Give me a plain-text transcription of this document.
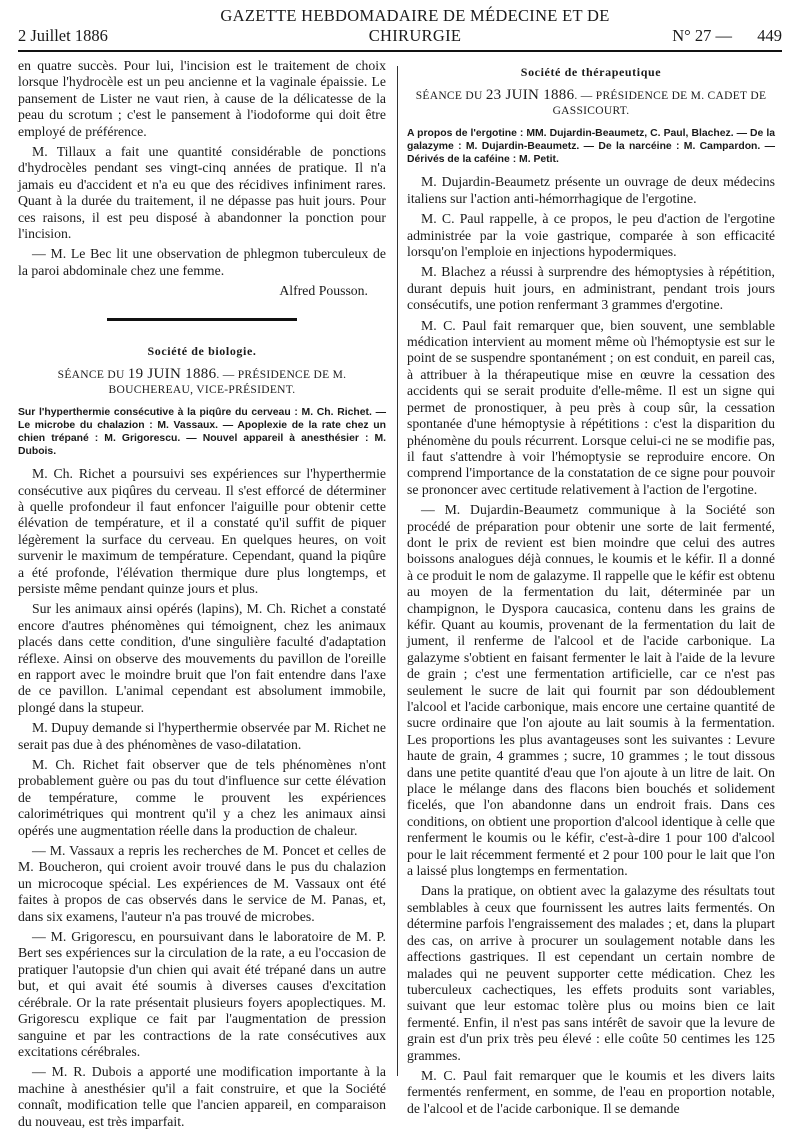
2 Juillet 1886
GAZETTE HEBDOMADAIRE DE MÉDECINE ET DE CHIRURGIE	N° 27 —	449

en quatre succès. Pour lui, l'incision est le traitement de choix lorsque l'hydrocèle est un peu ancienne et la vaginale épaissie. Le pansement de Lister ne vaut rien, à cause de la délicatesse de la peau du scrotum ; c'est le pansement à l'iodoforme qui doit être employé de préférence.

M. Tillaux a fait une quantité considérable de ponctions d'hydrocèles pendant ses vingt-cinq années de pratique. Il n'a jamais eu d'accident et n'a eu que des récidives infiniment rares. Quant à la durée du traitement, il ne dépasse pas huit jours. Pour ces raisons, il est peu disposé à abandonner la ponction pour l'incision.

— M. Le Bec lit une observation de phlegmon tuberculeux de la paroi abdominale chez une femme.

Alfred Pousson.

Société de biologie.
SÉANCE DU 19 JUIN 1886. — PRÉSIDENCE DE M. BOUCHEREAU, VICE-PRÉSIDENT.
Sur l'hyperthermie consécutive à la piqûre du cerveau : M. Ch. Richet. — Le microbe du chalazion : M. Vassaux. — Apoplexie de la rate chez un chien trépané : M. Grigorescu. — Nouvel appareil à anesthésier : M. Dubois.

M. Ch. Richet a poursuivi ses expériences sur l'hyperthermie consécutive aux piqûres du cerveau. Il s'est efforcé de déterminer à quelle profondeur il faut enfoncer l'aiguille pour obtenir cette élévation de température, et il a constaté qu'il suffit de piquer légèrement la surface du cerveau. En quelques heures, on voit survenir le maximum de température. Cependant, quand la piqûre a été profonde, l'élévation thermique dure plus longtemps, et persiste même pendant quinze jours et plus.

Sur les animaux ainsi opérés (lapins), M. Ch. Richet a constaté encore d'autres phénomènes qui témoignent, chez les animaux placés dans cette condition, d'une singulière faculté d'adaptation réflexe. Ainsi on observe des mouvements du pavillon de l'oreille en rapport avec le moindre bruit que l'on fait entendre dans l'axe de ce pavillon. L'animal cependant est absolument immobile, plongé dans la stupeur.

M. Dupuy demande si l'hyperthermie observée par M. Richet ne serait pas due à des phénomènes de vaso-dilatation.

M. Ch. Richet fait observer que de tels phénomènes n'ont probablement guère ou pas du tout d'influence sur cette élévation de température, comme le prouvent les expériences calorimétriques qui montrent qu'il y a chez les animaux ainsi opérés une augmentation réelle dans la production de chaleur.

— M. Vassaux a repris les recherches de M. Poncet et celles de M. Boucheron, qui croient avoir trouvé dans le pus du chalazion un microcoque spécial. Les expériences de M. Vassaux ont été faites à propos de cas observés dans le service de M. Panas, et, dans six examens, l'auteur n'a pas trouvé de microbes.

— M. Grigorescu, en poursuivant dans le laboratoire de M. P. Bert ses expériences sur la circulation de la rate, a eu l'occasion de pratiquer l'autopsie d'un chien qui avait été trépané dans un autre but, et qui avait été soumis à diverses causes d'excitation cérébrale. Or la rate présentait plusieurs foyers apoplectiques. M. Grigorescu explique ce fait par l'augmentation de pression sanguine et par les contractions de la rate consécutives aux excitations cérébrales.

— M. R. Dubois a apporté une modification importante à la machine à anesthésier qu'il a fait construire, et que la Société connaît, modification telle que l'ancien appareil, en comparaison du nouveau, est très imparfait.

Société de thérapeutique
SÉANCE DU 23 JUIN 1886. — PRÉSIDENCE DE M. CADET DE GASSICOURT.
A propos de l'ergotine : MM. Dujardin-Beaumetz, C. Paul, Blachez. — De la galazyme : M. Dujardin-Beaumetz. — De la narcéine : M. Campardon. — Dérivés de la caféine : M. Petit.

M. Dujardin-Beaumetz présente un ouvrage de deux médecins italiens sur l'action anti-hémorrhagique de l'ergotine.

M. C. Paul rappelle, à ce propos, le peu d'action de l'ergotine administrée par la voie gastrique, comparée à son efficacité lorsqu'on l'emploie en injections hypodermiques.

M. Blachez a réussi à surprendre des hémoptysies à répétition, durant depuis huit jours, en administrant, pendant trois jours consécutifs, une potion renfermant 3 grammes d'ergotine.

M. C. Paul fait remarquer que, bien souvent, une semblable médication intervient au moment même où l'hémoptysie est sur le point de se suspendre spontanément ; on est conduit, en pareil cas, à attribuer à la thérapeutique mise en œuvre la cessation des accidents qui se serait produite d'elle-même. Il est un signe qui permet de pronostiquer, à peu près à coup sûr, la cessation spontanée d'une hémoptysie à répétitions : c'est la disparition du phénomène du pouls récurrent. Lorsque celui-ci ne se modifie pas, il faut s'attendre à voir l'hémoptysie se reproduire encore. On comprend l'importance de la constatation de ce signe pour pouvoir se prononcer avec certitude relativement à l'action de l'ergotine.

— M. Dujardin-Beaumetz communique à la Société son procédé de préparation pour obtenir une sorte de lait fermenté, dont le prix de revient est bien moindre que celui des autres boissons analogues déjà connues, le koumis et le kéfir. Il a donné à ce produit le nom de galazyme. Il rappelle que le kéfir est obtenu au moyen de la fermentation du lait, déterminée par un champignon, le Dyspora caucasica, contenu dans les grains de kéfir. Quant au koumis, provenant de la fermentation du lait de jument, il renferme de l'alcool et de l'acide carbonique. La galazyme s'obtient en faisant fermenter le lait à l'aide de la levure de grain ; c'est une fermentation artificielle, car ce n'est pas seulement le sucre de lait qui fournit par son dédoublement l'alcool et l'acide carbonique, mais encore une certaine quantité de sucre ordinaire que l'on ajoute au lait soumis à la fermentation. Les proportions les plus avantageuses sont les suivantes : Levure haute de grain, 4 grammes ; sucre, 10 grammes ; le tout dissous dans une petite quantité d'eau que l'on ajoute à un litre de lait. On place le mélange dans des flacons bien bouchés et solidement ficelés, que l'on abandonne dans un endroit frais. Dans ces conditions, on obtient une proportion d'alcool identique à celle que renferment le koumis ou le kéfir, c'est-à-dire 1 pour 100 d'alcool pour le lait récemment fermenté et 2 pour 100 pour le lait que l'on a laissé plus longtemps en fermentation.

Dans la pratique, on obtient avec la galazyme des résultats tout semblables à ceux que fournissent les autres laits fermentés. On détermine parfois l'engraissement des malades ; et, dans la plupart des cas, on arrive à procurer un soulagement notable dans les affections gastriques. Il est cependant un certain nombre de malades qui ne peuvent supporter cette médication. Chez les tuberculeux cachectiques, les effets produits sont variables, suivant que leur estomac tolère plus ou moins bien ce lait fermenté. Enfin, il n'est pas sans intérêt de savoir que la levure de grain est d'un prix très peu élevé : elle coûte 50 centimes les 125 grammes.

M. C. Paul fait remarquer que le koumis et les divers laits fermentés renferment, en somme, de l'eau en proportion notable, de l'alcool et de l'acide carbonique. Il se demande
